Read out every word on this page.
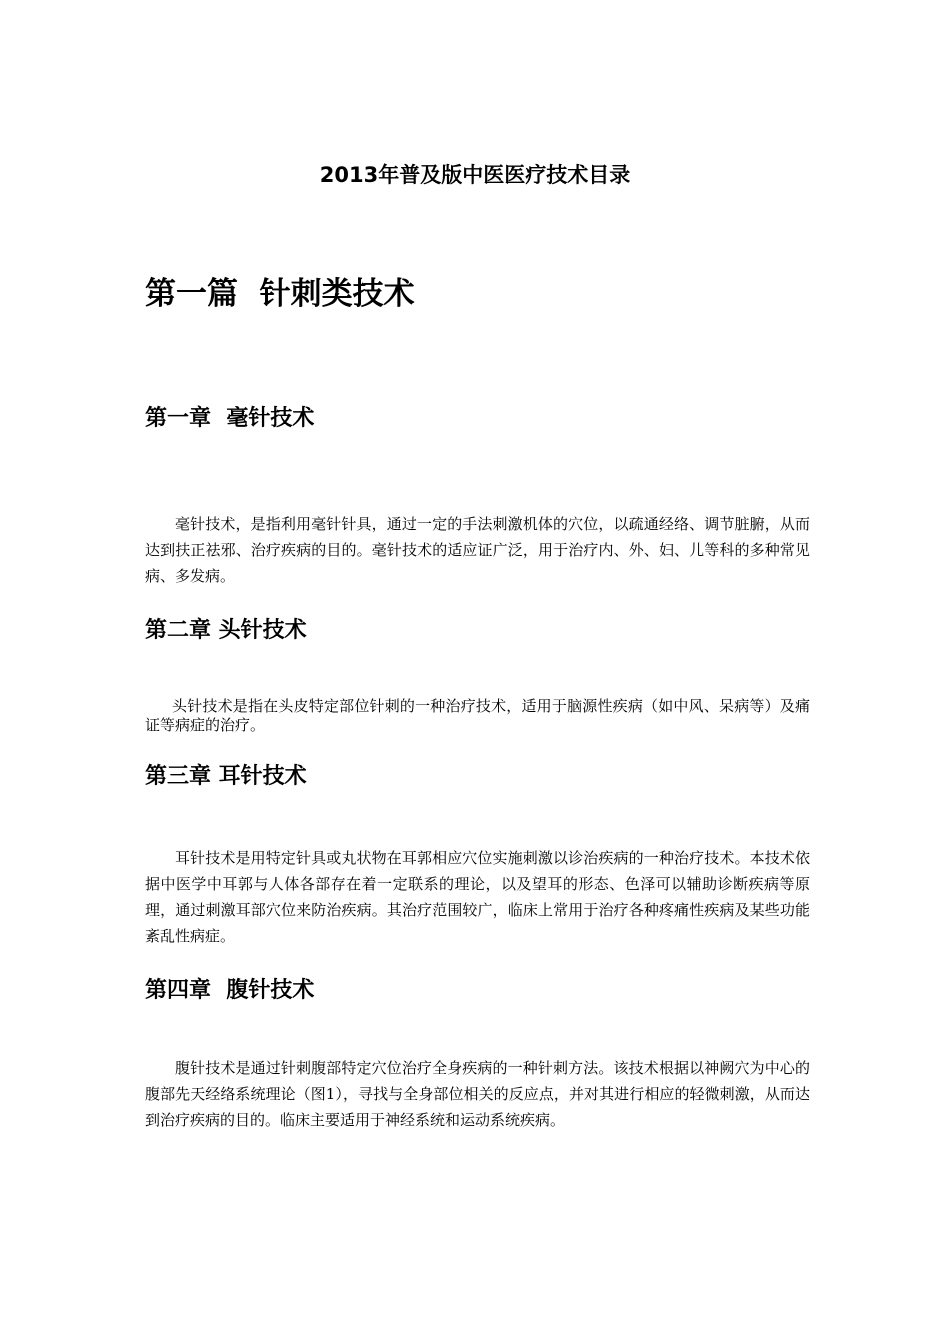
2013年普及版中医医疗技术目录
第一篇  针刺类技术
第一章  毫针技术

毫针技术，是指利用毫针针具，通过一定的手法刺激机体的穴位，以疏通经络、调节脏腑，从而达到扶正祛邪、治疗疾病的目的。毫针技术的适应证广泛，用于治疗内、外、妇、儿等科的多种常见病、多发病。

第二章 头针技术

头针技术是指在头皮特定部位针刺的一种治疗技术，适用于脑源性疾病（如中风、呆病等）及痛证等病症的治疗。

第三章 耳针技术

耳针技术是用特定针具或丸状物在耳郭相应穴位实施刺激以诊治疾病的一种治疗技术。本技术依据中医学中耳郭与人体各部存在着一定联系的理论，以及望耳的形态、色泽可以辅助诊断疾病等原理，通过刺激耳部穴位来防治疾病。其治疗范围较广，临床上常用于治疗各种疼痛性疾病及某些功能紊乱性病症。

第四章  腹针技术

腹针技术是通过针刺腹部特定穴位治疗全身疾病的一种针刺方法。该技术根据以神阙穴为中心的腹部先天经络系统理论（图1），寻找与全身部位相关的反应点，并对其进行相应的轻微刺激，从而达到治疗疾病的目的。临床主要适用于神经系统和运动系统疾病。
